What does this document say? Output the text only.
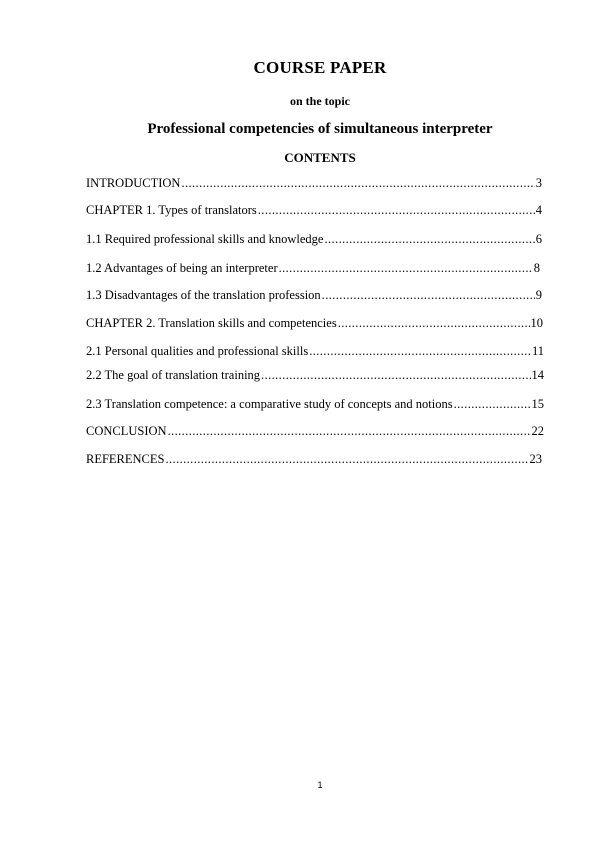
COURSE PAPER
on the topic
Professional competencies of simultaneous interpreter
CONTENTS
INTRODUCTION .....	3
CHAPTER 1. Types of translators .....	4
1.1 Required professional skills and knowledge .....	6
1.2 Advantages of being an interpreter .....	8
1.3 Disadvantages of the translation profession .....	9
CHAPTER 2. Translation skills and competencies .....	10
2.1 Personal qualities and professional skills .....	11
2.2 The goal of translation training .....	14
2.3 Translation competence: a comparative study of concepts and notions .....	15
CONCLUSION .....	22
REFERENCES .....	23
1
